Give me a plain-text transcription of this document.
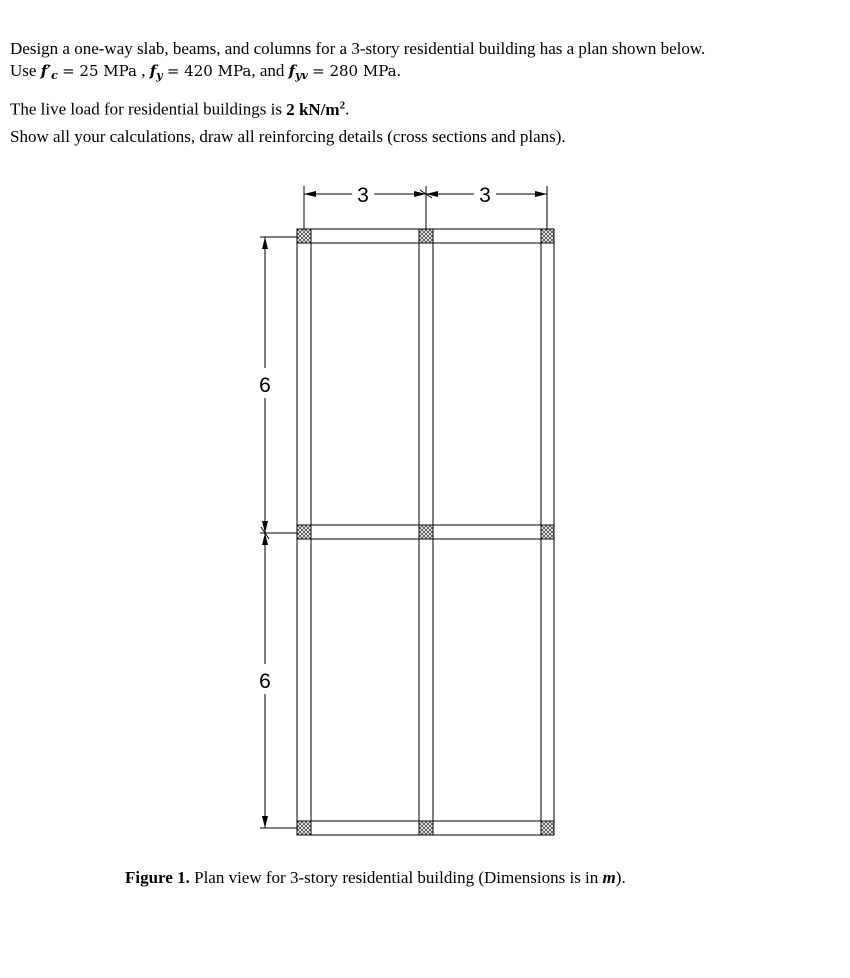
Design a one-way slab, beams, and columns for a 3-story residential building has a plan shown below.
Use $f'_c = 25$ MPa , $f_y = 420$ MPa, and $f_{yv} = 280$ MPa.
The live load for residential buildings is 2 $kN/m^2$.
Show all your calculations, draw all reinforcing details (cross sections and plans).
3	3
6
6
Figure 1. Plan view for 3-story residential building (Dimensions is in m).
